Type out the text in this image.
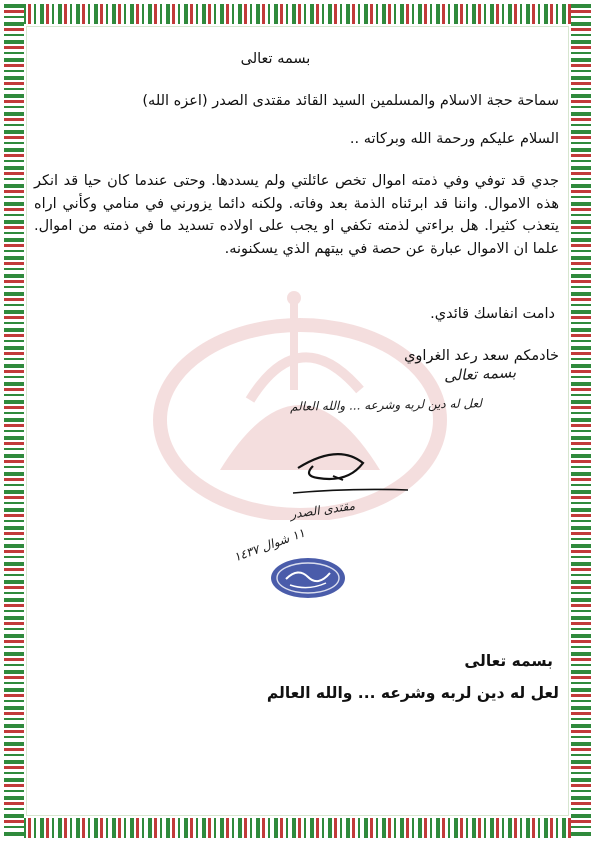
بسمه تعالى
سماحة حجة الاسلام والمسلمين السيد القائد مقتدى الصدر (اعزه الله)
السلام عليكم ورحمة الله وبركاته ..
جدي قد توفي وفي ذمته اموال تخص عائلتي ولم يسددها. وحتى عندما كان حيا قد انكر هذه الاموال. واننا قد ابرئناه الذمة بعد وفاته. ولكنه دائما يزورني في منامي وكأني اراه يتعذب كثيرا. هل براءتي لذمته تكفي او يجب على اولاده تسديد ما في ذمته من اموال. علما ان الاموال عبارة عن حصة في بيتهم الذي يسكنونه.
دامت انفاسك قائدي.
خادمكم سعد رعد الغراوي
بسمه تعالى
لعل له دين لربه وشرعه ... والله العالم
مقتدى الصدر
١١ شوال ١٤٣٧
بسمه تعالى
لعل له دين لربه وشرعه ... والله العالم
